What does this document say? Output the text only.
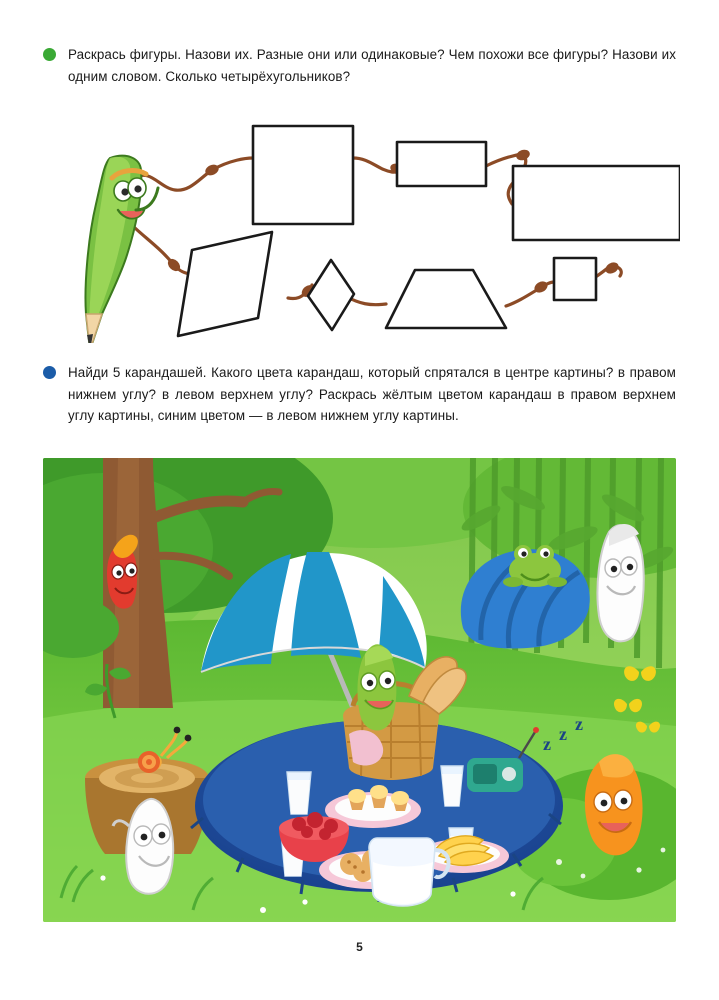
Раскрась фигуры. Назови их. Разные они или одинаковые? Чем похожи все фигуры? Назови их одним словом. Сколько четырёхугольников?
Найди 5 карандашей. Какого цвета карандаш, который спрятался в центре картины? в правом нижнем углу? в левом верхнем углу? Раскрась жёлтым цветом карандаш в правом верхнем углу картины, синим цветом — в левом нижнем углу картины.
z z z
5
